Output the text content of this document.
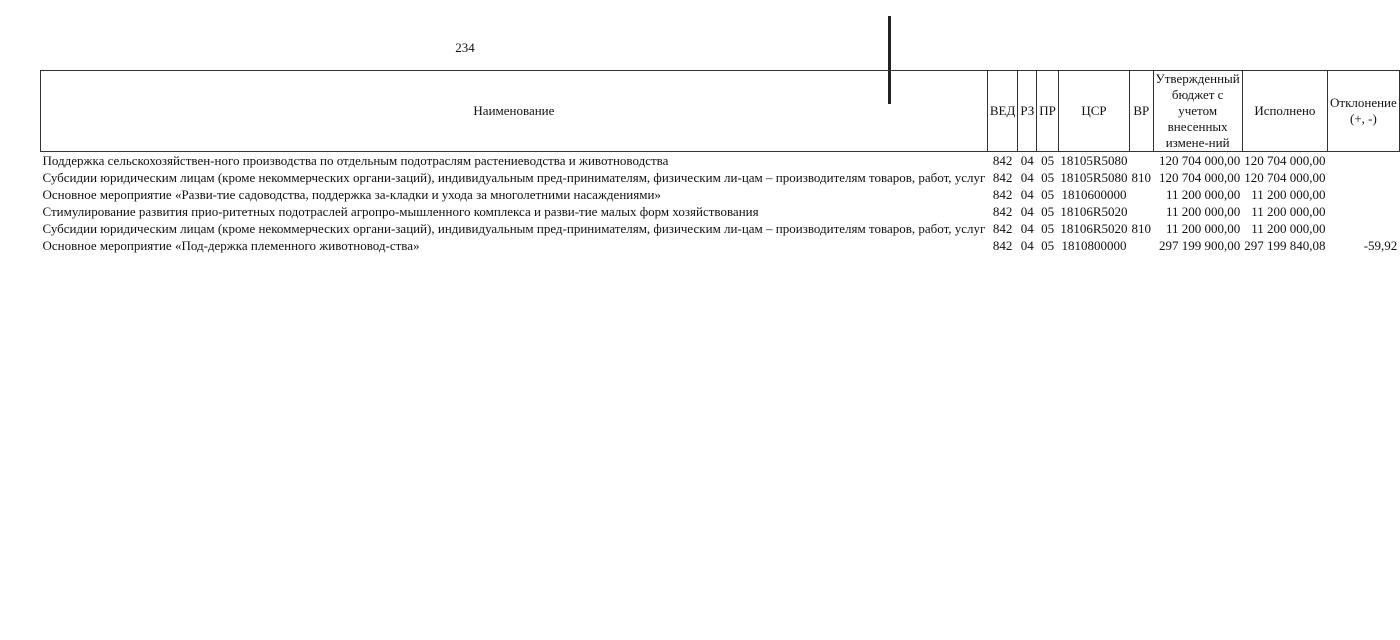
234
Наименование	ВЕД	РЗ	ПР	ЦСР	ВР	Утвержденный бюджет с учетом внесенных измене-ний	Исполнено	Отклонение (+, -)
Поддержка сельскохозяйствен-ного производства по отдельным подотраслям растениеводства и животноводства	842	04	05	18105R5080		120 704 000,00	120 704 000,00	
Субсидии юридическим лицам (кроме некоммерческих органи-заций), индивидуальным пред-принимателям, физическим ли-цам – производителям товаров, работ, услуг	842	04	05	18105R5080	810	120 704 000,00	120 704 000,00	
Основное мероприятие «Разви-тие садоводства, поддержка за-кладки и ухода за многолетними насаждениями»	842	04	05	1810600000		11 200 000,00	11 200 000,00	
Стимулирование развития прио-ритетных подотраслей агропро-мышленного комплекса и разви-тие малых форм хозяйствования	842	04	05	18106R5020		11 200 000,00	11 200 000,00	
Субсидии юридическим лицам (кроме некоммерческих органи-заций), индивидуальным пред-принимателям, физическим ли-цам – производителям товаров, работ, услуг	842	04	05	18106R5020	810	11 200 000,00	11 200 000,00	
Основное мероприятие «Под-держка племенного животновод-ства»	842	04	05	1810800000		297 199 900,00	297 199 840,08	-59,92
